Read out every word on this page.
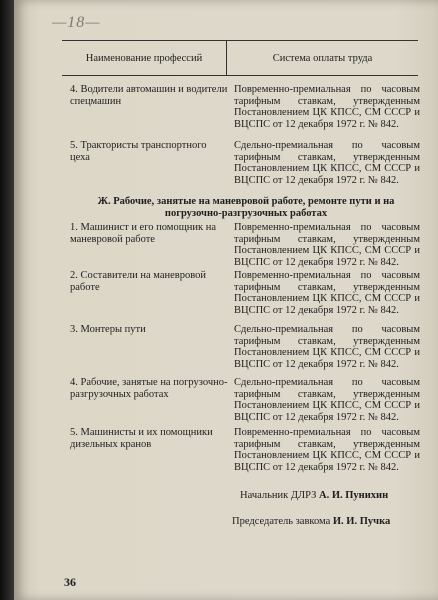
—18—
Наименование профессий	Система оплаты труда
4. Водители автомашин и водители спецмашин
Повременно-премиальная по часовым тарифным ставкам, утвержденным Постановлением ЦК КПСС, СМ СССР и ВЦСПС от 12 декабря 1972 г. № 842.
5. Трактористы транспортного цеха
Сдельно-премиальная по часовым тарифным ставкам, утвержденным Постановлением ЦК КПСС, СМ СССР и ВЦСПС от 12 декабря 1972 г. № 842.
Ж. Рабочие, занятые на маневровой работе, ремонте пути и на погрузочно-разгрузочных работах
1. Машинист и его помощник на маневровой работе
Повременно-премиальная по часовым тарифным ставкам, утвержденным Постановлением ЦК КПСС, СМ СССР и ВЦСПС от 12 декабря 1972 г. № 842.
2. Составители на маневровой работе
Повременно-премиальная по часовым тарифным ставкам, утвержденным Постановлением ЦК КПСС, СМ СССР и ВЦСПС от 12 декабря 1972 г. № 842.
3. Монтеры пути	Сдельно-премиальная по часовым тарифным ставкам, утвержденным Постановлением ЦК КПСС, СМ СССР и ВЦСПС от 12 декабря 1972 г. № 842.
4. Рабочие, занятые на погрузочно-разгрузочных работах
Сдельно-премиальная по часовым тарифным ставкам, утвержденным Постановлением ЦК КПСС, СМ СССР и ВЦСПС от 12 декабря 1972 г. № 842.
5. Машинисты и их помощники дизельных кранов
Повременно-премиальная по часовым тарифным ставкам, утвержденным Постановлением ЦК КПСС, СМ СССР и ВЦСПС от 12 декабря 1972 г. № 842.
Начальник ДЛРЗ А. И. Пунихин
Председатель завкома И. И. Пучка
36
